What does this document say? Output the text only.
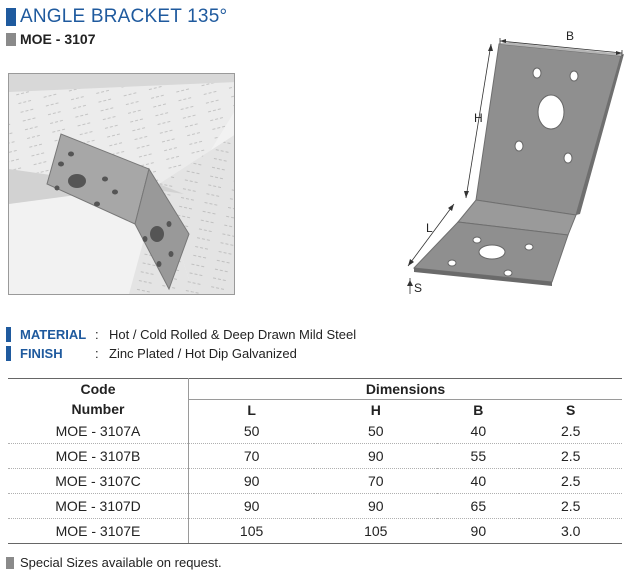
ANGLE BRACKET 135°
MOE - 3107	B
H
L
S
MATERIAL : Hot / Cold Rolled & Deep Drawn Mild Steel
FINISH	: Zinc Plated / Hot Dip Galvanized
Code	Dimensions			
Number	L	H	B	S
MOE - 3107A	50	50	40	2.5
MOE - 3107B	70	90	55	2.5
MOE - 3107C	90	70	40	2.5
MOE - 3107D	90	90	65	2.5
MOE - 3107E	105	105	90	3.0
Special Sizes available on request.
